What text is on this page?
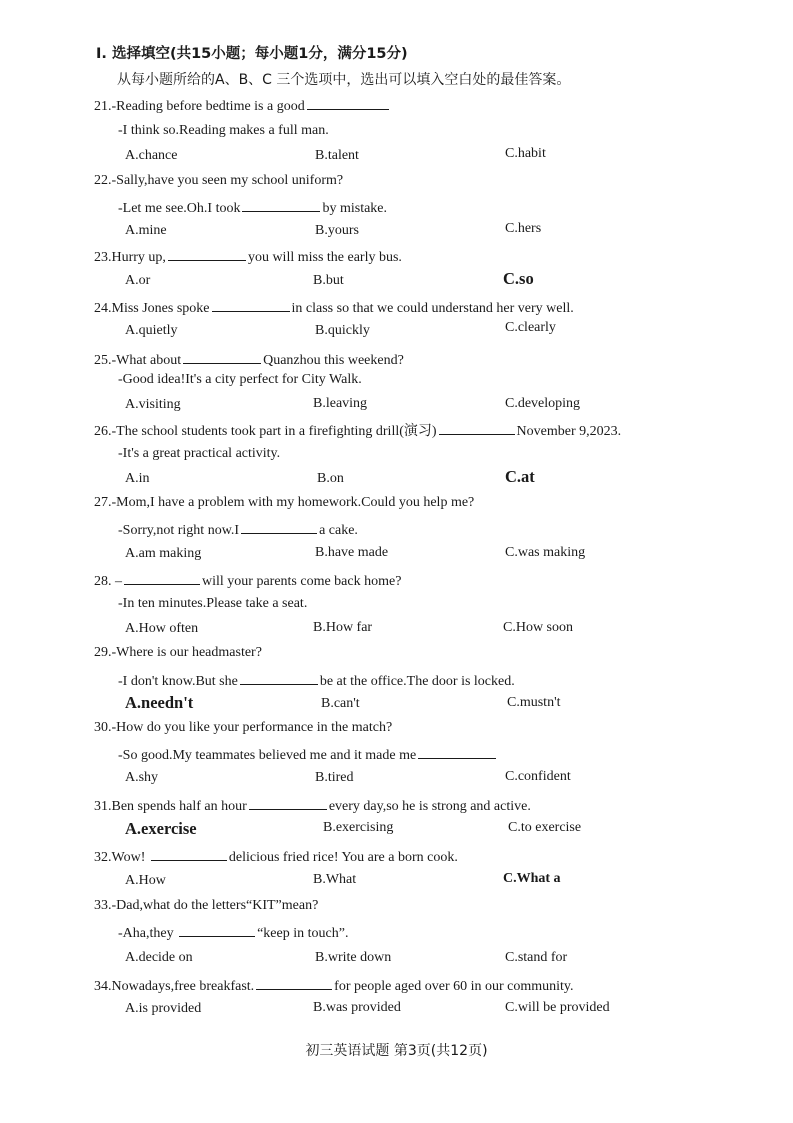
I. 选择填空(共15小题；每小题1分，满分15分)
从每小题所给的A、B、C 三个选项中，选出可以填入空白处的最佳答案。
21.-Reading before bedtime is a good
-I think so.Reading makes a full man.
A.chance	B.talent	C.habit
22.-Sally,have you seen my school uniform?
-Let me see.Oh.I took	by mistake.
A.mine	B.yours	C.hers
23.Hurry up,	you will miss the early bus.
A.or	B.but	C.so
24.Miss Jones spoke	in class so that we could understand her very well.
A.quietly	B.quickly	C.clearly
25.-What about	Quanzhou this weekend?
-Good idea!It's a city perfect for City Walk.
A.visiting	B.leaving	C.developing
26.-The school students took part in a firefighting drill(演习)	November 9,2023.
-It's a great practical activity.
A.in	B.on	C.at
27.-Mom,I have a problem with my homework.Could you help me?
-Sorry,not right now.I	a cake.
A.am making	B.have made	C.was making
28. –	will your parents come back home?
-In ten minutes.Please take a seat.
A.How often	B.How far	C.How soon
29.-Where is our headmaster?
-I don't know.But she	be at the office.The door is locked.
A.needn't	B.can't	C.mustn't
30.-How do you like your performance in the match?
-So good.My teammates believed me and it made me
A.shy	B.tired	C.confident
31.Ben spends half an hour	every day,so he is strong and active.
A.exercise	B.exercising	C.to exercise
32.Wow!	delicious fried rice! You are a born cook.
A.How	B.What	C.What a
33.-Dad,what do the letters“KIT”mean?
-Aha,they	“keep in touch”.
A.decide on	B.write down	C.stand for
34.Nowadays,free breakfast.	for people aged over 60 in our community.
A.is provided	B.was provided	C.will be provided
初三英语试题 第3页(共12页)
